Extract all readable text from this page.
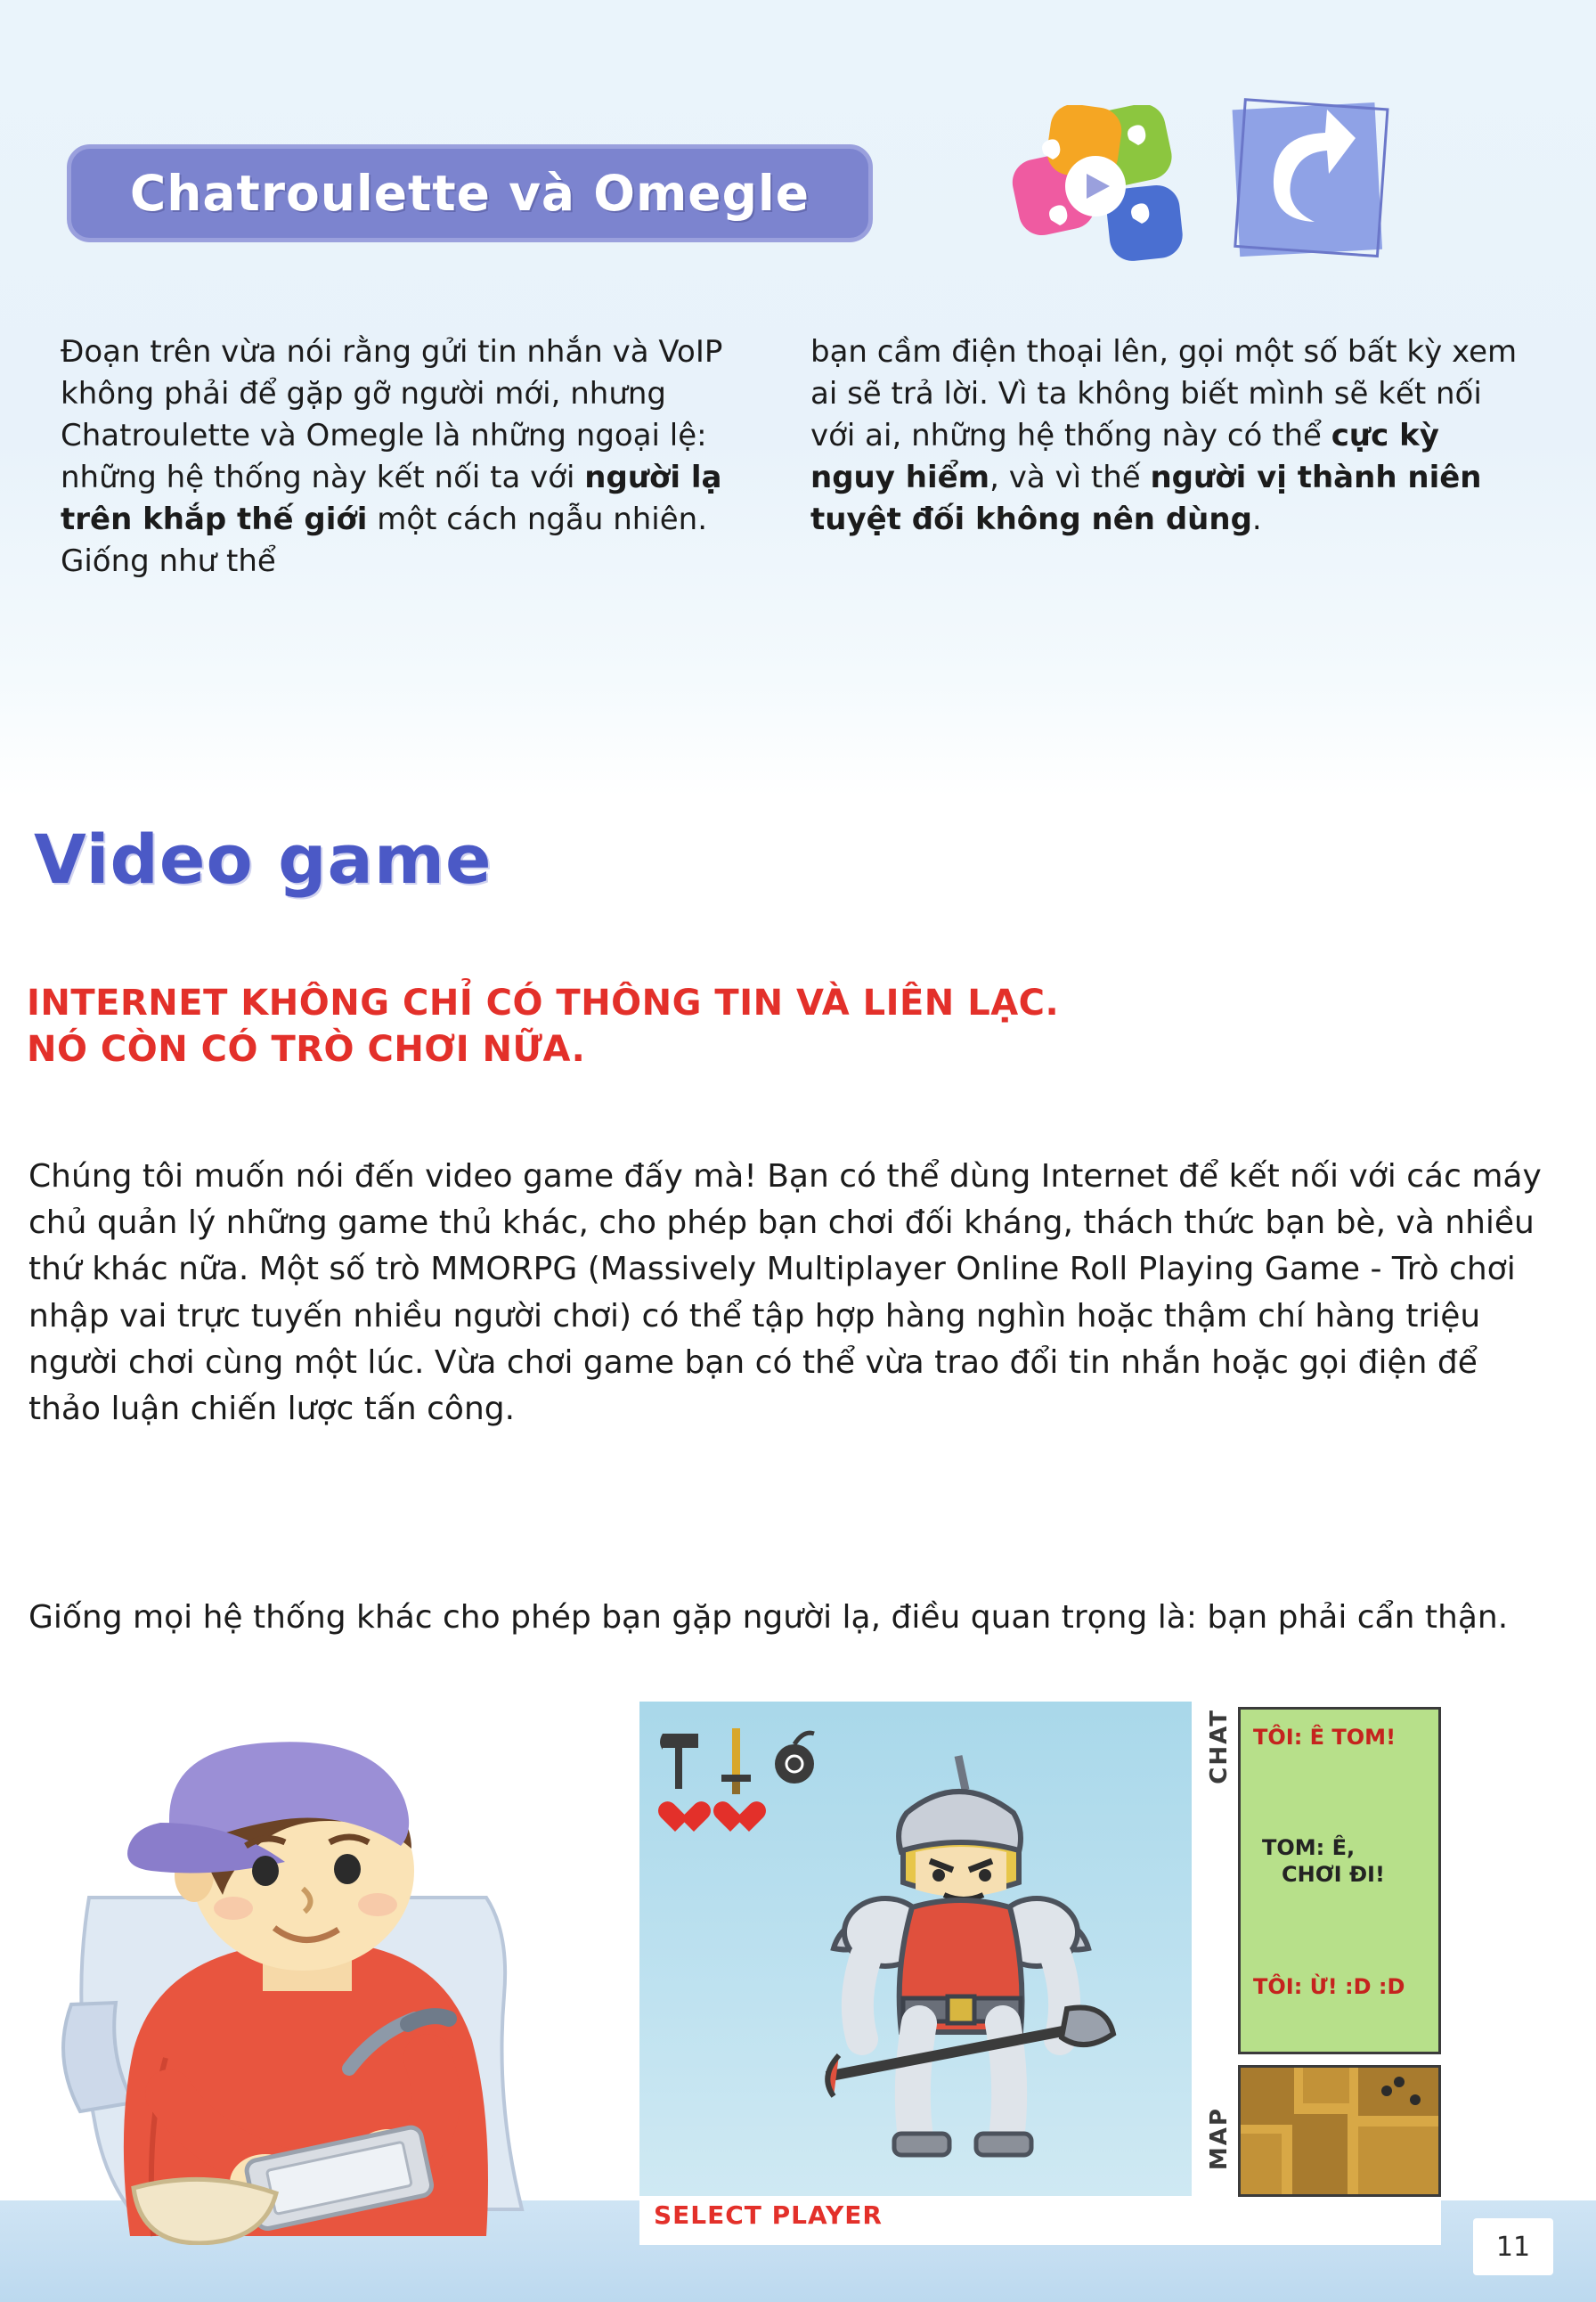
Chatroulette và Omegle
Đoạn trên vừa nói rằng gửi tin nhắn và VoIP không phải để gặp gỡ người mới, nhưng Chatroulette và Omegle là những ngoại lệ: những hệ thống này kết nối ta với người lạ trên khắp thế giới một cách ngẫu nhiên. Giống như thể
bạn cầm điện thoại lên, gọi một số bất kỳ xem ai sẽ trả lời. Vì ta không biết mình sẽ kết nối với ai, những hệ thống này có thể cực kỳ nguy hiểm, và vì thế người vị thành niên tuyệt đối không nên dùng.
Video game
INTERNET KHÔNG CHỈ CÓ THÔNG TIN VÀ LIÊN LẠC.
NÓ CÒN CÓ TRÒ CHƠI NỮA.
Chúng tôi muốn nói đến video game đấy mà! Bạn có thể dùng Internet để kết nối với các máy chủ quản lý những game thủ khác, cho phép bạn chơi đối kháng, thách thức bạn bè, và nhiều thứ khác nữa. Một số trò MMORPG (Massively Multiplayer Online Roll Playing Game - Trò chơi nhập vai trực tuyến nhiều người chơi) có thể tập hợp hàng nghìn hoặc thậm chí hàng triệu người chơi cùng một lúc. Vừa chơi game bạn có thể vừa trao đổi tin nhắn hoặc gọi điện để thảo luận chiến lược tấn công.
Giống mọi hệ thống khác cho phép bạn gặp người lạ, điều quan trọng là: bạn phải cẩn thận.

SELECT PLAYER
CHAT
MAP
TÔI: Ê TOM!
TOM: Ê,
CHƠI ĐI!
TÔI: Ừ! :D :D
11
